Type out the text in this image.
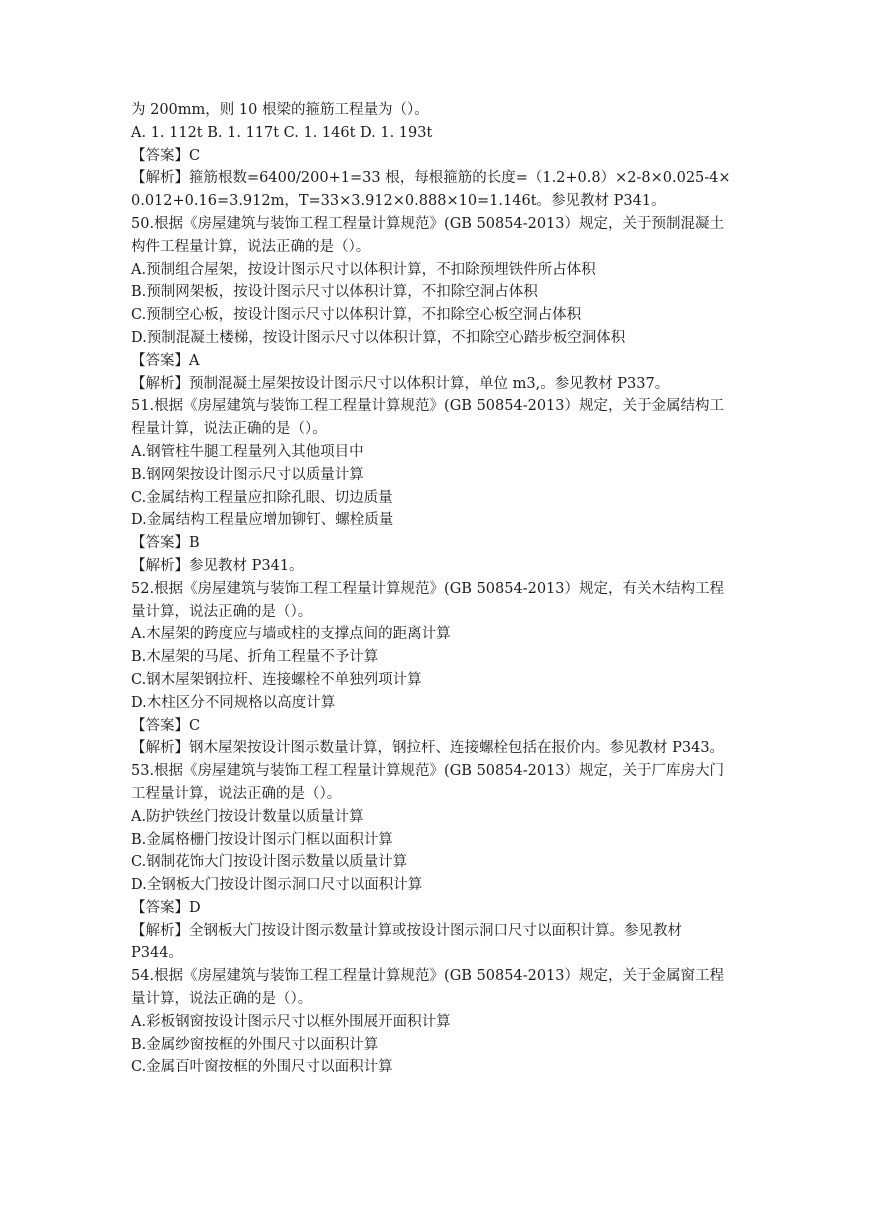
为 200mm，则 10 根梁的箍筋工程量为（）。
A. 1. 112t B. 1. 117t C. 1. 146t D. 1. 193t
【答案】C
【解析】箍筋根数=6400/200+1=33 根，每根箍筋的长度=（1.2+0.8）×2-8×0.025-4×
0.012+0.16=3.912m，T=33×3.912×0.888×10=1.146t。参见教材 P341。
50.根据《房屋建筑与装饰工程工程量计算规范》(GB 50854-2013）规定，关于预制混凝土
构件工程量计算，说法正确的是（）。
A.预制组合屋架，按设计图示尺寸以体积计算，不扣除预埋铁件所占体积
B.预制网架板，按设计图示尺寸以体积计算，不扣除空洞占体积
C.预制空心板，按设计图示尺寸以体积计算，不扣除空心板空洞占体积
D.预制混凝土楼梯，按设计图示尺寸以体积计算，不扣除空心踏步板空洞体积
【答案】A
【解析】预制混凝土屋架按设计图示尺寸以体积计算，单位 m3,。参见教材 P337。
51.根据《房屋建筑与装饰工程工程量计算规范》(GB 50854-2013）规定，关于金属结构工
程量计算，说法正确的是（）。
A.钢管柱牛腿工程量列入其他项目中
B.钢网架按设计图示尺寸以质量计算
C.金属结构工程量应扣除孔眼、切边质量
D.金属结构工程量应增加铆钉、螺栓质量
【答案】B
【解析】参见教材 P341。
52.根据《房屋建筑与装饰工程工程量计算规范》(GB 50854-2013）规定，有关木结构工程
量计算，说法正确的是（）。
A.木屋架的跨度应与墙或柱的支撑点间的距离计算
B.木屋架的马尾、折角工程量不予计算
C.钢木屋架钢拉杆、连接螺栓不单独列项计算
D.木柱区分不同规格以高度计算
【答案】C
【解析】钢木屋架按设计图示数量计算，钢拉杆、连接螺栓包括在报价内。参见教材 P343。
53.根据《房屋建筑与装饰工程工程量计算规范》(GB 50854-2013）规定，关于厂库房大门
工程量计算，说法正确的是（）。
A.防护铁丝门按设计数量以质量计算
B.金属格栅门按设计图示门框以面积计算
C.钢制花饰大门按设计图示数量以质量计算
D.全钢板大门按设计图示洞口尺寸以面积计算
【答案】D
【解析】全钢板大门按设计图示数量计算或按设计图示洞口尺寸以面积计算。参见教材
P344。
54.根据《房屋建筑与装饰工程工程量计算规范》(GB 50854-2013）规定，关于金属窗工程
量计算，说法正确的是（）。
A.彩板钢窗按设计图示尺寸以框外围展开面积计算
B.金属纱窗按框的外围尺寸以面积计算
C.金属百叶窗按框的外围尺寸以面积计算
